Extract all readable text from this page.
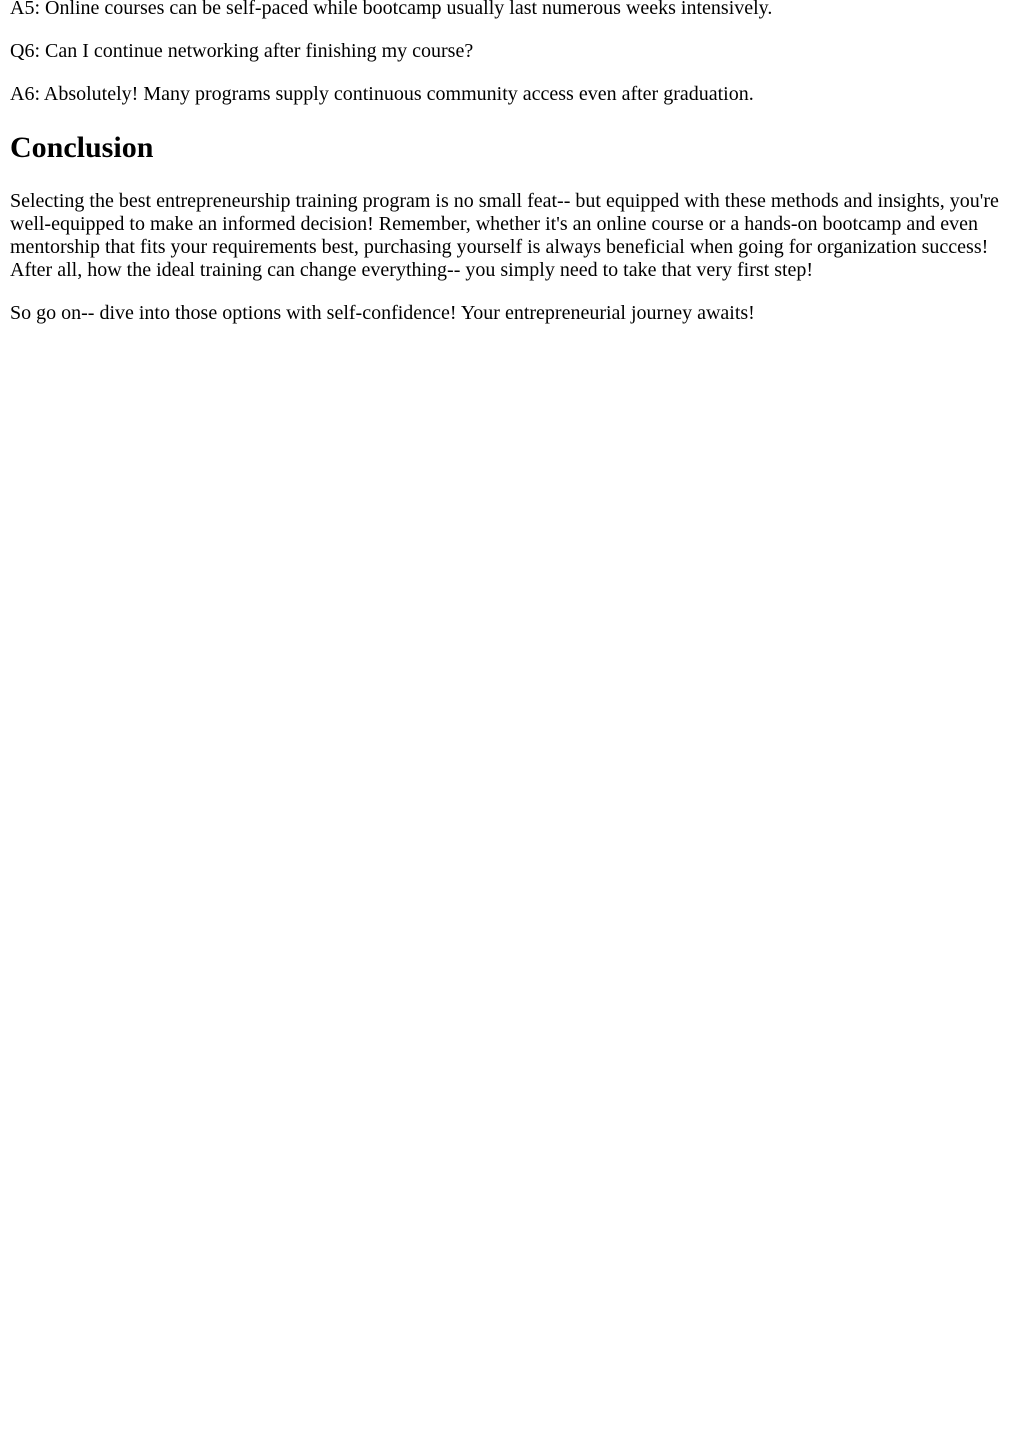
A5: Online courses can be self-paced while bootcamp usually last numerous weeks intensively.

Q6: Can I continue networking after finishing my course?

A6: Absolutely! Many programs supply continuous community access even after graduation.

Conclusion

Selecting the best entrepreneurship training program is no small feat-- but equipped with these methods and insights, you're well-equipped to make an informed decision! Remember, whether it's an online course or a hands-on bootcamp and even mentorship that fits your requirements best, purchasing yourself is always beneficial when going for organization success! After all, how the ideal training can change everything-- you simply need to take that very first step!

So go on-- dive into those options with self-confidence! Your entrepreneurial journey awaits!
